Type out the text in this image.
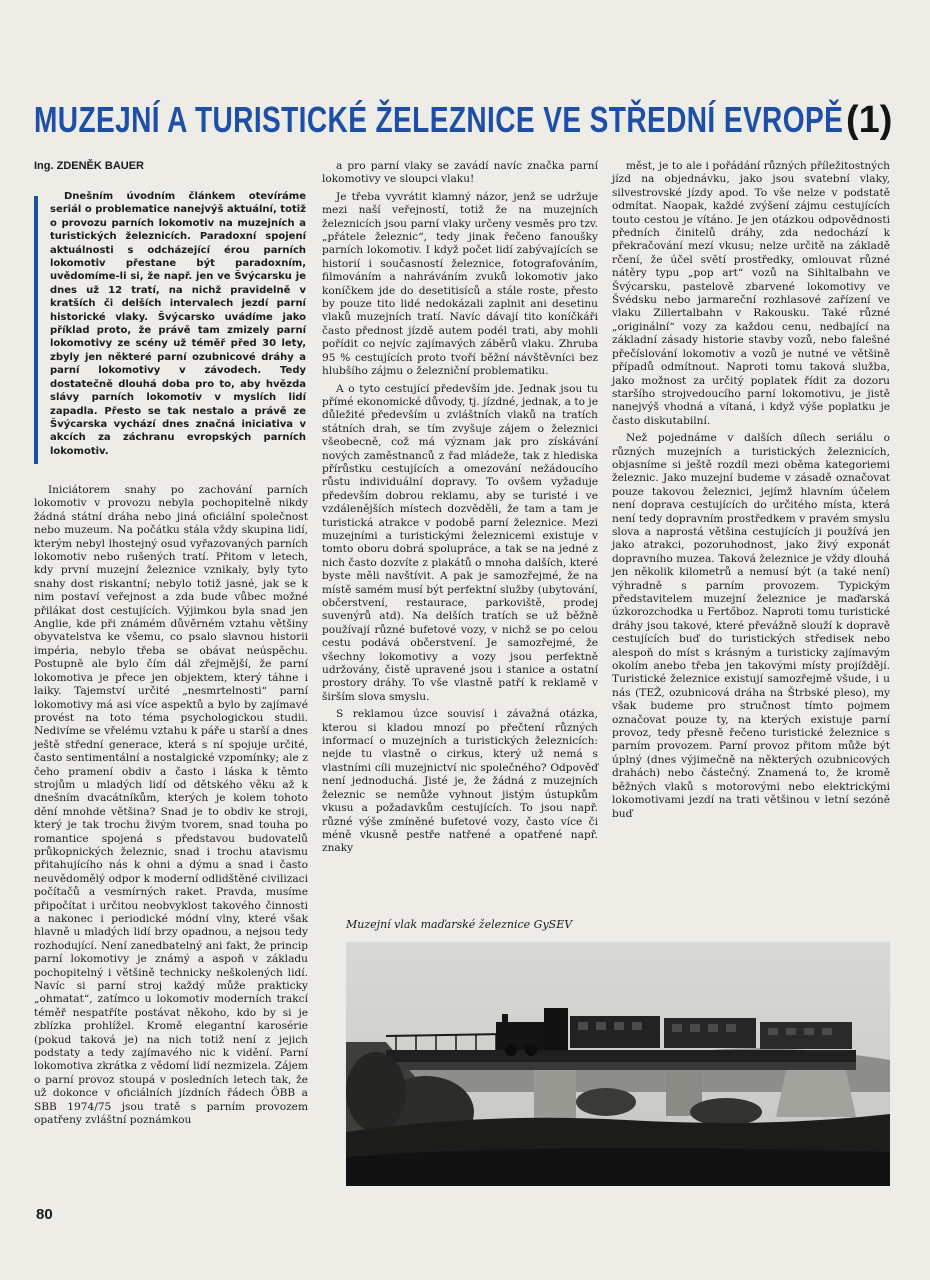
MUZEJNÍ A TURISTICKÉ ŽELEZNICE VE STŘEDNÍ EVROPĚ (1)
Ing. ZDENĚK BAUER

Dnešním úvodním článkem otevíráme seriál o problematice nanejvýš aktuální, totiž o provozu parních lokomotiv na muzejních a turistických železnicích. Paradoxní spojení aktuálnosti s odcházející érou parních lokomotiv přestane být paradoxním, uvědomíme-li si, že např. jen ve Švýcarsku je dnes už 12 tratí, na nichž pravidelně v kratších či delších intervalech jezdí parní historické vlaky. Švýcarsko uvádíme jako příklad proto, že právě tam zmizely parní lokomotivy ze scény už téměř před 30 lety, zbyly jen některé parní ozubnicové dráhy a parní lokomotivy v závodech. Tedy dostatečně dlouhá doba pro to, aby hvězda slávy parních lokomotiv v myslích lidí zapadla. Přesto se tak nestalo a právě ze Švýcarska vychází dnes značná iniciativa v akcích za záchranu evropských parních lokomotiv.

Iniciátorem snahy po zachování parních lokomotiv v provozu nebyla pochopitelně nikdy žádná státní dráha nebo jiná oficiální společnost nebo muzeum. Na počátku stála vždy skupina lidí, kterým nebyl lhostejný osud vyřazovaných parních lokomotiv nebo rušených tratí. Přitom v letech, kdy první muzejní železnice vznikaly, byly tyto snahy dost riskantní; nebylo totiž jasné, jak se k nim postaví veřejnost a zda bude vůbec možné přilákat dost cestujících. Výjimkou byla snad jen Anglie, kde při známém důvěrném vztahu většiny obyvatelstva ke všemu, co psalo slavnou historii impéria, nebylo třeba se obávat neúspěchu. Postupně ale bylo čím dál zřejmější, že parní lokomotiva je přece jen objektem, který táhne i laiky. Tajemství určité „nesmrtelnosti“ parní lokomotivy má asi více aspektů a bylo by zajímavé provést na toto téma psychologickou studii. Nedivíme se vřelému vztahu k páře u starší a dnes ještě střední generace, která s ní spojuje určité, často sentimentální a nostalgické vzpomínky; ale z čeho pramení obdiv a často i láska k těmto strojům u mladých lidí od dětského věku až k dnešním dvacátníkům, kterých je kolem tohoto dění mnohde většina? Snad je to obdiv ke stroji, který je tak trochu živým tvorem, snad touha po romantice spojená s představou budovatelů průkopnických železnic, snad i trochu atavismu přitahujícího nás k ohni a dýmu a snad i často neuvědomělý odpor k moderní odlidštěné civilizaci počítačů a vesmírných raket. Pravda, musíme připočítat i určitou neobvyklost takového činnosti a nakonec i periodické módní vlny, které však hlavně u mladých lidí brzy opadnou, a nejsou tedy rozhodující. Není zanedbatelný ani fakt, že princip parní lokomotivy je známý a aspoň v základu pochopitelný i většině technicky neškolených lidí. Navíc si parní stroj každý může prakticky „ohmatat“, zatímco u lokomotiv moderních trakcí téměř nespatříte postávat někoho, kdo by si je zblízka prohlížel. Kromě elegantní karosérie (pokud taková je) na nich totiž není z jejich podstaty a tedy zajímavého nic k vidění. Parní lokomotiva zkrátka z vědomí lidí nezmizela. Zájem o parní provoz stoupá v posledních letech tak, že už dokonce v oficiálních jízdních řádech ÖBB a SBB 1974/75 jsou tratě s parním provozem opatřeny zvláštní poznámkou

a pro parní vlaky se zavádí navíc značka parní lokomotivy ve sloupci vlaku!

Je třeba vyvrátit klamný názor, jenž se udržuje mezi naší veřejností, totiž že na muzejních železnicích jsou parní vlaky určeny vesměs pro tzv. „přátele železnic“, tedy jinak řečeno fanoušky parních lokomotiv. I když počet lidí zabývajících se historií i současností železnice, fotografováním, filmováním a nahráváním zvuků lokomotiv jako koníčkem jde do desetitisíců a stále roste, přesto by pouze tito lidé nedokázali zaplnit ani desetinu vlaků muzejních tratí. Navíc dávají tito koníčkáři často přednost jízdě autem podél trati, aby mohli pořídit co nejvíc zajímavých záběrů vlaku. Zhruba 95 % cestujících proto tvoří běžní návštěvníci bez hlubšího zájmu o železniční problematiku.

A o tyto cestující především jde. Jednak jsou tu přímé ekonomické důvody, tj. jízdné, jednak, a to je důležité především u zvláštních vlaků na tratích státních drah, se tím zvyšuje zájem o železnici všeobecně, což má význam jak pro získávání nových zaměstnanců z řad mládeže, tak z hlediska přírůstku cestujících a omezování nežádoucího růstu individuální dopravy. To ovšem vyžaduje především dobrou reklamu, aby se turisté i ve vzdálenějších místech dozvěděli, že tam a tam je turistická atrakce v podobě parní železnice. Mezi muzejními a turistickými železnicemi existuje v tomto oboru dobrá spolupráce, a tak se na jedné z nich často dozvíte z plakátů o mnoha dalších, které byste měli navštívit. A pak je samozřejmé, že na místě samém musí být perfektní služby (ubytování, občerstvení, restaurace, parkoviště, prodej suvenýrů atd). Na delších tratích se už běžně používají různé bufetové vozy, v nichž se po celou cestu podává občerstvení. Je samozřejmé, že všechny lokomotivy a vozy jsou perfektně udržovány, čistě upravené jsou i stanice a ostatní prostory dráhy. To vše vlastně patří k reklamě v širším slova smyslu.

S reklamou úzce souvisí i závažná otázka, kterou si kladou mnozí po přečtení různých informací o muzejních a turistických železnicích: nejde tu vlastně o cirkus, který už nemá s vlastními cíli muzejnictví nic společného? Odpověď není jednoduchá. Jisté je, že žádná z muzejních železnic se nemůže vyhnout jistým ústupkům vkusu a požadavkům cestujících. To jsou např. různé výše zmíněné bufetové vozy, často více či méně vkusně pestře natřené a opatřené např. znaky

měst, je to ale i pořádání různých příležitostných jízd na objednávku, jako jsou svatební vlaky, silvestrovské jízdy apod. To vše nelze v podstatě odmítat. Naopak, každé zvýšení zájmu cestujících touto cestou je vítáno. Je jen otázkou odpovědnosti předních činitelů dráhy, zda nedochází k překračování mezí vkusu; nelze určitě na základě rčení, že účel světí prostředky, omlouvat různé nátěry typu „pop art“ vozů na Sihltalbahn ve Švýcarsku, pastelově zbarvené lokomotivy ve Švédsku nebo jarmareční rozhlasové zařízení ve vlaku Zillertalbahn v Rakousku. Také různé „originální“ vozy za každou cenu, nedbající na základní zásady historie stavby vozů, nebo falešné přečíslování lokomotiv a vozů je nutné ve většině případů odmítnout. Naproti tomu taková služba, jako možnost za určitý poplatek řídit za dozoru staršího strojvedoucího parní lokomotivu, je jistě nanejvýš vhodná a vítaná, i když výše poplatku je často diskutabilní.

Než pojednáme v dalších dílech seriálu o různých muzejních a turistických železnicích, objasníme si ještě rozdíl mezi oběma kategoriemi železnic. Jako muzejní budeme v zásadě označovat pouze takovou železnici, jejímž hlavním účelem není doprava cestujících do určitého místa, která není tedy dopravním prostředkem v pravém smyslu slova a naprostá většina cestujících ji používá jen jako atrakci, pozoruhodnost, jako živý exponát dopravního muzea. Taková železnice je vždy dlouhá jen několik kilometrů a nemusí být (a také není) výhradně s parním provozem. Typickým představitelem muzejní železnice je maďarská úzkorozchodka u Fertőboz. Naproti tomu turistické dráhy jsou takové, které převážně slouží k dopravě cestujících buď do turistických středisek nebo alespoň do míst s krásným a turisticky zajímavým okolím anebo třeba jen takovými místy projíždějí. Turistické železnice existují samozřejmě všude, i u nás (TEŽ, ozubnicová dráha na Štrbské pleso), my však budeme pro stručnost tímto pojmem označovat pouze ty, na kterých existuje parní provoz, tedy přesně řečeno turistické železnice s parním provozem. Parní provoz přitom může být úplný (dnes výjimečně na některých ozubnicových drahách) nebo částečný. Znamená to, že kromě běžných vlaků s motorovými nebo elektrickými lokomotivami jezdí na trati většinou v letní sezóně buď

Muzejní vlak maďarské železnice GySEV
80
